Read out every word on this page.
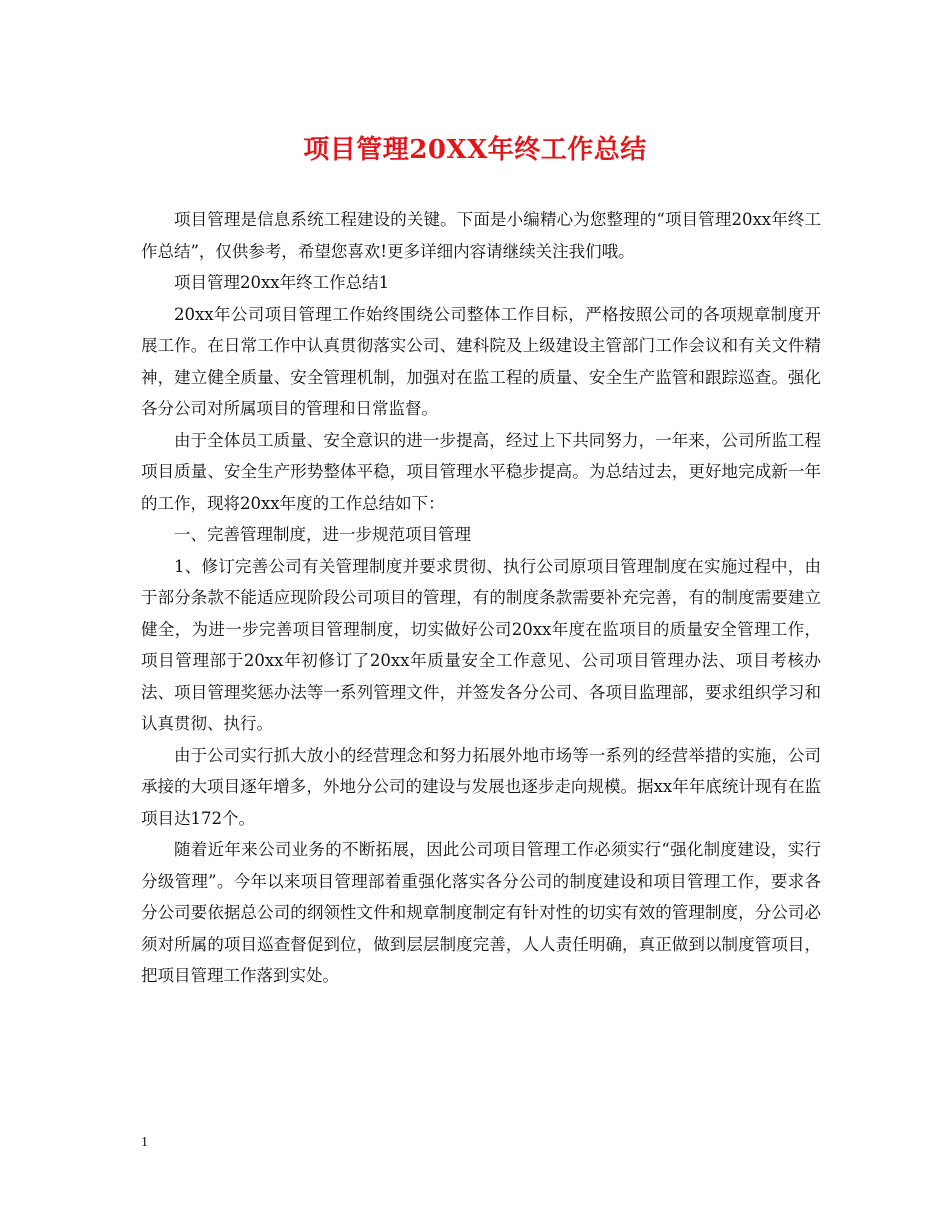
项目管理20XX年终工作总结

项目管理是信息系统工程建设的关键。下面是小编精心为您整理的“项目管理20xx年终工作总结”，仅供参考，希望您喜欢!更多详细内容请继续关注我们哦。

项目管理20xx年终工作总结1

20xx年公司项目管理工作始终围绕公司整体工作目标，严格按照公司的各项规章制度开展工作。在日常工作中认真贯彻落实公司、建科院及上级建设主管部门工作会议和有关文件精神，建立健全质量、安全管理机制，加强对在监工程的质量、安全生产监管和跟踪巡查。强化各分公司对所属项目的管理和日常监督。

由于全体员工质量、安全意识的进一步提高，经过上下共同努力，一年来，公司所监工程项目质量、安全生产形势整体平稳，项目管理水平稳步提高。为总结过去，更好地完成新一年的工作，现将20xx年度的工作总结如下：

一、完善管理制度，进一步规范项目管理

1、修订完善公司有关管理制度并要求贯彻、执行公司原项目管理制度在实施过程中，由于部分条款不能适应现阶段公司项目的管理，有的制度条款需要补充完善，有的制度需要建立健全，为进一步完善项目管理制度，切实做好公司20xx年度在监项目的质量安全管理工作，项目管理部于20xx年初修订了20xx年质量安全工作意见、公司项目管理办法、项目考核办法、项目管理奖惩办法等一系列管理文件，并签发各分公司、各项目监理部，要求组织学习和认真贯彻、执行。

由于公司实行抓大放小的经营理念和努力拓展外地市场等一系列的经营举措的实施，公司承接的大项目逐年增多，外地分公司的建设与发展也逐步走向规模。据xx年年底统计现有在监项目达172个。

随着近年来公司业务的不断拓展，因此公司项目管理工作必须实行“强化制度建设，实行分级管理”。今年以来项目管理部着重强化落实各分公司的制度建设和项目管理工作，要求各分公司要依据总公司的纲领性文件和规章制度制定有针对性的切实有效的管理制度，分公司必须对所属的项目巡查督促到位，做到层层制度完善，人人责任明确，真正做到以制度管项目，把项目管理工作落到实处。

1
